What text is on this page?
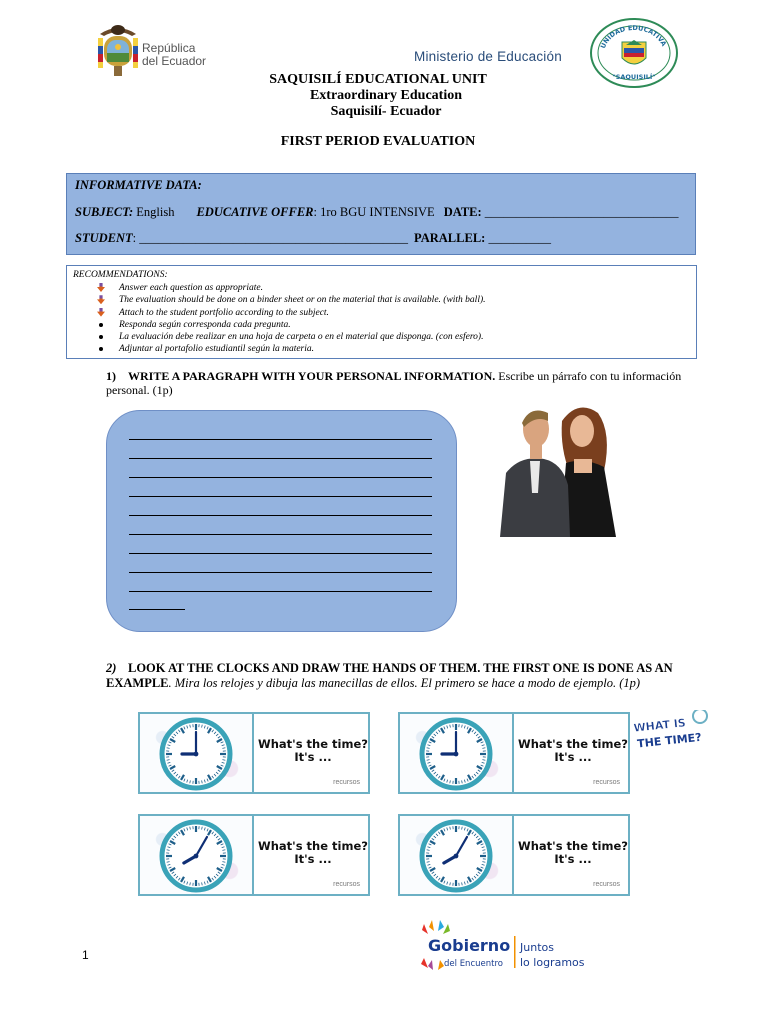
República
del Ecuador	Ministerio de Educación
UNIDAD EDUCATIVA
"SAQUISILÍ"
SAQUISILÍ EDUCATIONAL UNIT
Extraordinary Education
Saquisilí- Ecuador
FIRST PERIOD EVALUATION
INFORMATIVE DATA:
SUBJECT: English EDUCATIVE OFFER: 1ro BGU INTENSIVE DATE: _______________________________
STUDENT: ___________________________________________ PARALLEL: __________
RECOMMENDATIONS:
Answer each question as appropriate.
The evaluation should be done on a binder sheet or on the material that is available. (with ball).
Attach to the student portfolio according to the subject.
Responda según corresponda cada pregunta.
La evaluación debe realizar en una hoja de carpeta o en el material que disponga. (con esfero).
Adjuntar al portafolio estudiantil según la materia.
1) WRITE A PARAGRAPH WITH YOUR PERSONAL INFORMATION. Escribe un párrafo con tu información personal. (1p)
2) LOOK AT THE CLOCKS AND DRAW THE HANDS OF THEM. THE FIRST ONE IS DONE AS AN EXAMPLE. Mira los relojes y dibuja las manecillas de ellos. El primero se hace a modo de ejemplo. (1p)
What's the time?
It's ...
recursos
What's the time?
It's ...
recursos
What's the time?
It's ...
recursos
What's the time?
It's ...
recursos
WHAT IS
THE TIME?
Gobierno
del Encuentro
Juntos
lo logramos
1
